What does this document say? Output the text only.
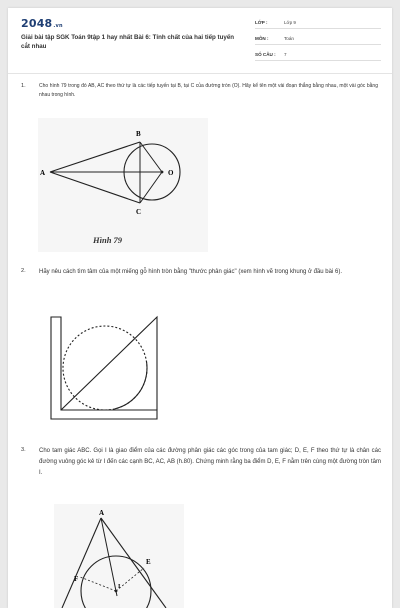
2048.vn
Giải bài tập SGK Toán 9tập 1 hay nhất Bài 6: Tính chất của hai tiếp tuyến cắt nhau
LỚP :	Lớp 9
MÔN :	Toán
SỐ CÂU : 7
1.	Cho hình 79 trong đó AB, AC theo thứ tự là các tiếp tuyến tại B, tại C của đường tròn (O). Hãy kể tên một vài đoạn thẳng bằng nhau, một vài góc bằng nhau trong hình.
A
B
C
O
Hình 79
2. Hãy nêu cách tìm tâm của một miếng gỗ hình tròn bằng "thước phân giác" (xem hình vẽ trong khung ở đầu bài 6).
3. Cho tam giác ABC. Gọi I là giao điểm của các đường phân giác các góc trong của tam giác; D, E, F theo thứ tự là chân các đường vuông góc kẻ từ I đến các cạnh BC, AC, AB (h.80). Chứng minh rằng ba điểm D, E, F nằm trên cùng một đường tròn tâm I.
A
E
F
I
